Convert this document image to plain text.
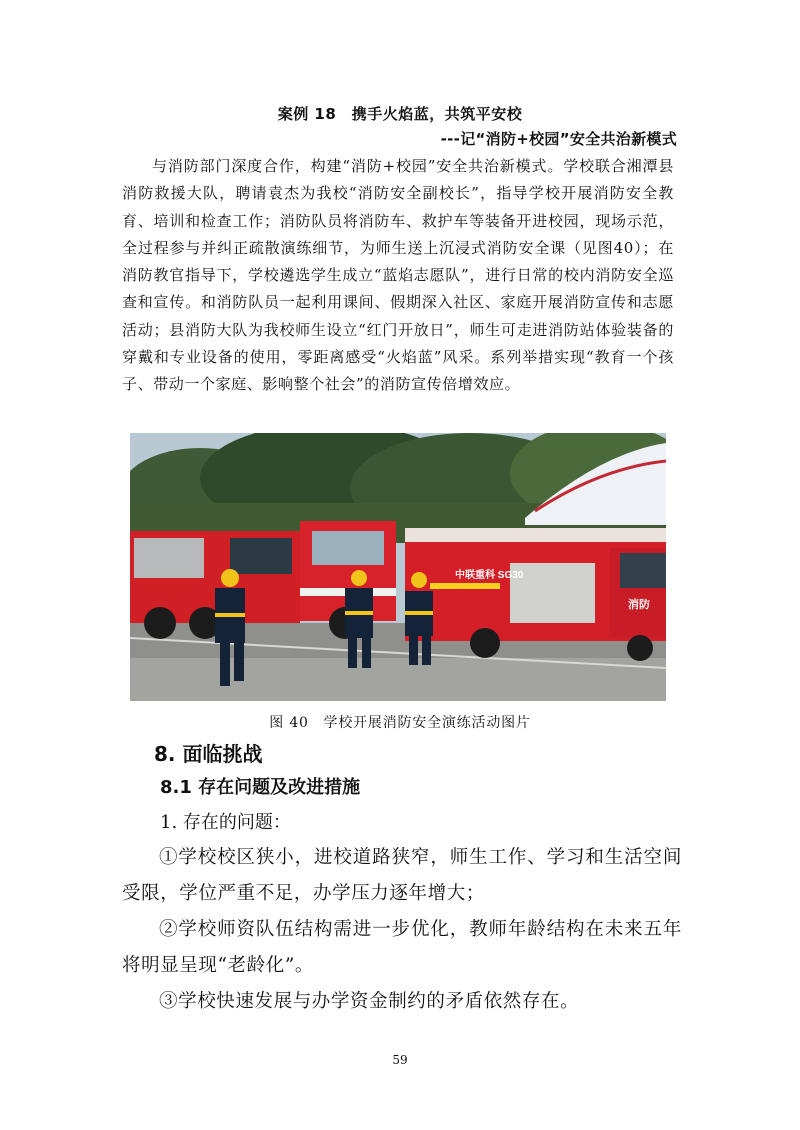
案例 18　携手火焰蓝，共筑平安校
---记“消防+校园”安全共治新模式

与消防部门深度合作，构建“消防+校园”安全共治新模式。学校联合湘潭县消防救援大队，聘请袁杰为我校“消防安全副校长”，指导学校开展消防安全教育、培训和检查工作；消防队员将消防车、救护车等装备开进校园，现场示范，全过程参与并纠正疏散演练细节，为师生送上沉浸式消防安全课（见图40）；在消防教官指导下，学校遴选学生成立“蓝焰志愿队”，进行日常的校内消防安全巡查和宣传。和消防队员一起利用课间、假期深入社区、家庭开展消防宣传和志愿活动；县消防大队为我校师生设立“红门开放日”，师生可走进消防站体验装备的穿戴和专业设备的使用，零距离感受“火焰蓝”风采。系列举措实现“教育一个孩子、带动一个家庭、影响整个社会”的消防宣传倍增效应。

中联重科 SG30
消防
图 40　学校开展消防安全演练活动图片
8. 面临挑战
8.1 存在问题及改进措施
1. 存在的问题：

①学校校区狭小，进校道路狭窄，师生工作、学习和生活空间受限，学位严重不足，办学压力逐年增大；

②学校师资队伍结构需进一步优化，教师年龄结构在未来五年将明显呈现“老龄化”。

③学校快速发展与办学资金制约的矛盾依然存在。

59
